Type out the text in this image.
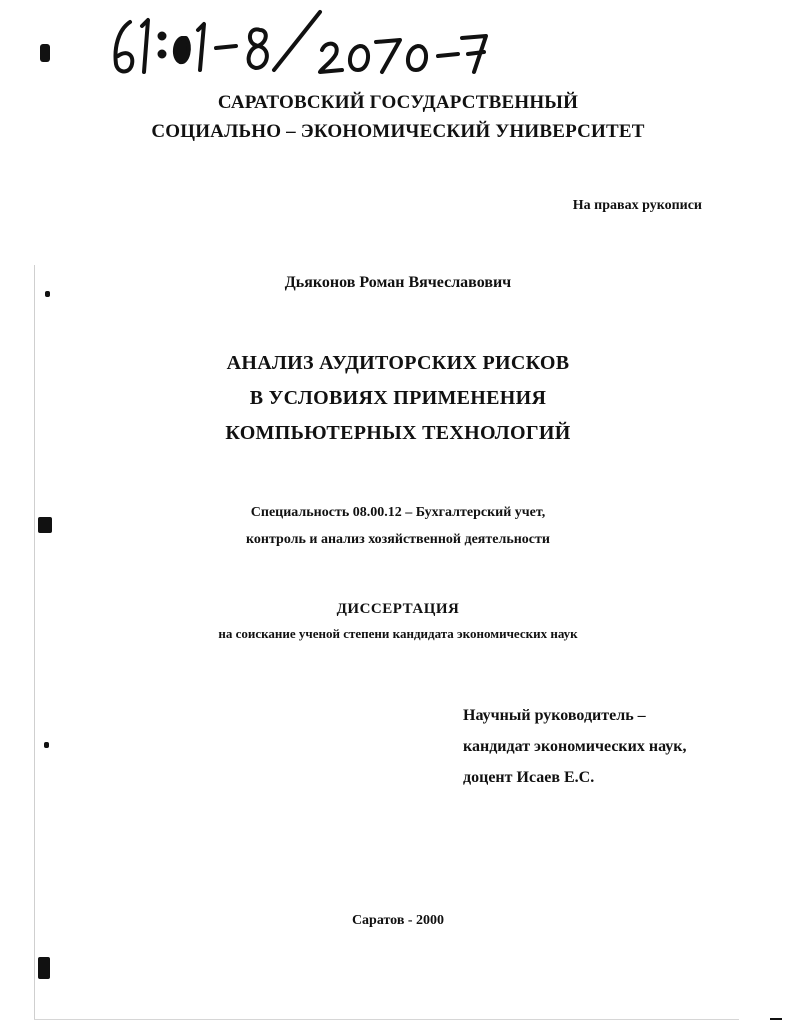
САРАТОВСКИЙ ГОСУДАРСТВЕННЫЙ
СОЦИАЛЬНО – ЭКОНОМИЧЕСКИЙ УНИВЕРСИТЕТ
На правах рукописи
Дьяконов Роман Вячеславович
АНАЛИЗ АУДИТОРСКИХ РИСКОВ
В УСЛОВИЯХ ПРИМЕНЕНИЯ
КОМПЬЮТЕРНЫХ ТЕХНОЛОГИЙ
Специальность 08.00.12 – Бухгалтерский учет,
контроль и анализ хозяйственной деятельности
ДИССЕРТАЦИЯ
на соискание ученой степени кандидата экономических наук
Научный руководитель –
кандидат экономических наук,
доцент Исаев Е.С.
Саратов - 2000
